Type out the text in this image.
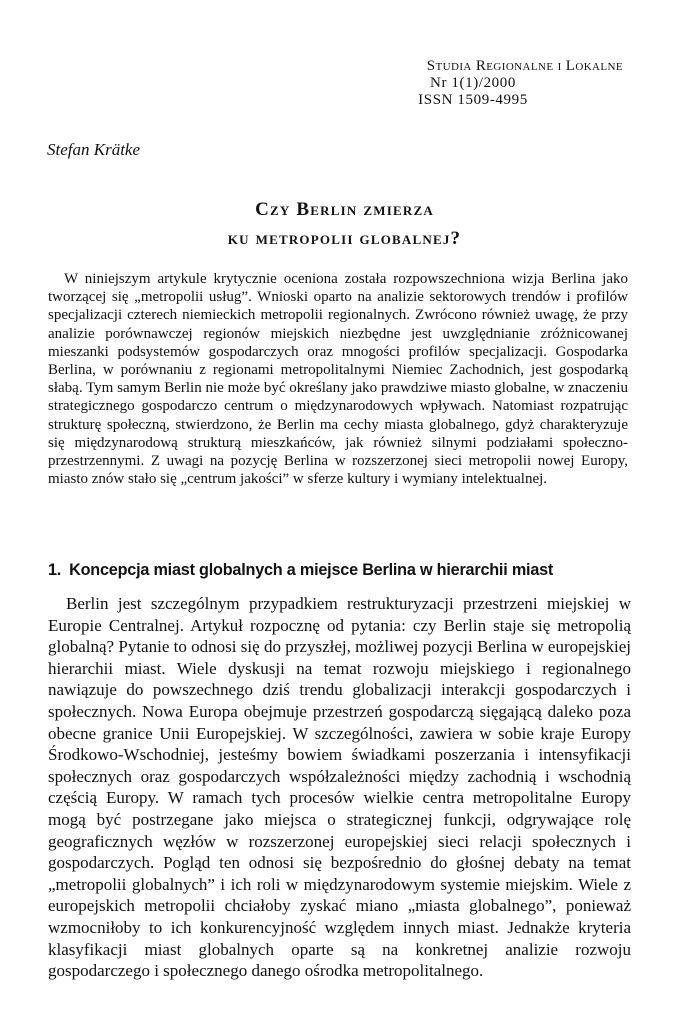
Studia Regionalne i Lokalne
Nr 1(1)/2000
ISSN 1509-4995
Stefan Krätke
Czy Berlin zmierza
ku metropolii globalnej?

W niniejszym artykule krytycznie oceniona została rozpowszechniona wizja Berlina jako tworzącej się „metropolii usług”. Wnioski oparto na analizie sektorowych trendów i profilów specjalizacji czterech niemieckich metropolii regionalnych. Zwrócono również uwagę, że przy analizie porównawczej regionów miejskich niezbędne jest uwzględnianie zróżnicowanej mieszanki podsystemów gospodarczych oraz mnogości profilów specjalizacji. Gospodarka Berlina, w porównaniu z regionami metropolitalnymi Niemiec Zachodnich, jest gospodarką słabą. Tym samym Berlin nie może być określany jako prawdziwe miasto globalne, w znaczeniu strategicznego gospodarczo centrum o międzynarodowych wpływach. Natomiast rozpatrując strukturę społeczną, stwierdzono, że Berlin ma cechy miasta globalnego, gdyż charakteryzuje się międzynarodową strukturą mieszkańców, jak również silnymi podziałami społeczno-przestrzennymi. Z uwagi na pozycję Berlina w rozszerzonej sieci metropolii nowej Europy, miasto znów stało się „centrum jakości” w sferze kultury i wymiany intelektualnej.

1. Koncepcja miast globalnych a miejsce Berlina w hierarchii miast

Berlin jest szczególnym przypadkiem restrukturyzacji przestrzeni miejskiej w Europie Centralnej. Artykuł rozpocznę od pytania: czy Berlin staje się metropolią globalną? Pytanie to odnosi się do przyszłej, możliwej pozycji Berlina w europejskiej hierarchii miast. Wiele dyskusji na temat rozwoju miejskiego i regionalnego nawiązuje do powszechnego dziś trendu globalizacji interakcji gospodarczych i społecznych. Nowa Europa obejmuje przestrzeń gospodarczą sięgającą daleko poza obecne granice Unii Europejskiej. W szczególności, zawiera w sobie kraje Europy Środkowo-Wschodniej, jesteśmy bowiem świadkami poszerzania i intensyfikacji społecznych oraz gospodarczych współzależności między zachodnią i wschodnią częścią Europy. W ramach tych procesów wielkie centra metropolitalne Europy mogą być postrzegane jako miejsca o strategicznej funkcji, odgrywające rolę geograficznych węzłów w rozszerzonej europejskiej sieci relacji społecznych i gospodarczych. Pogląd ten odnosi się bezpośrednio do głośnej debaty na temat „metropolii globalnych” i ich roli w międzynarodowym systemie miejskim. Wiele z europejskich metropolii chciałoby zyskać miano „miasta globalnego”, ponieważ wzmocniłoby to ich konkurencyjność względem innych miast. Jednakże kryteria klasyfikacji miast globalnych oparte są na konkretnej analizie rozwoju gospodarczego i społecznego danego ośrodka metropolitalnego.
